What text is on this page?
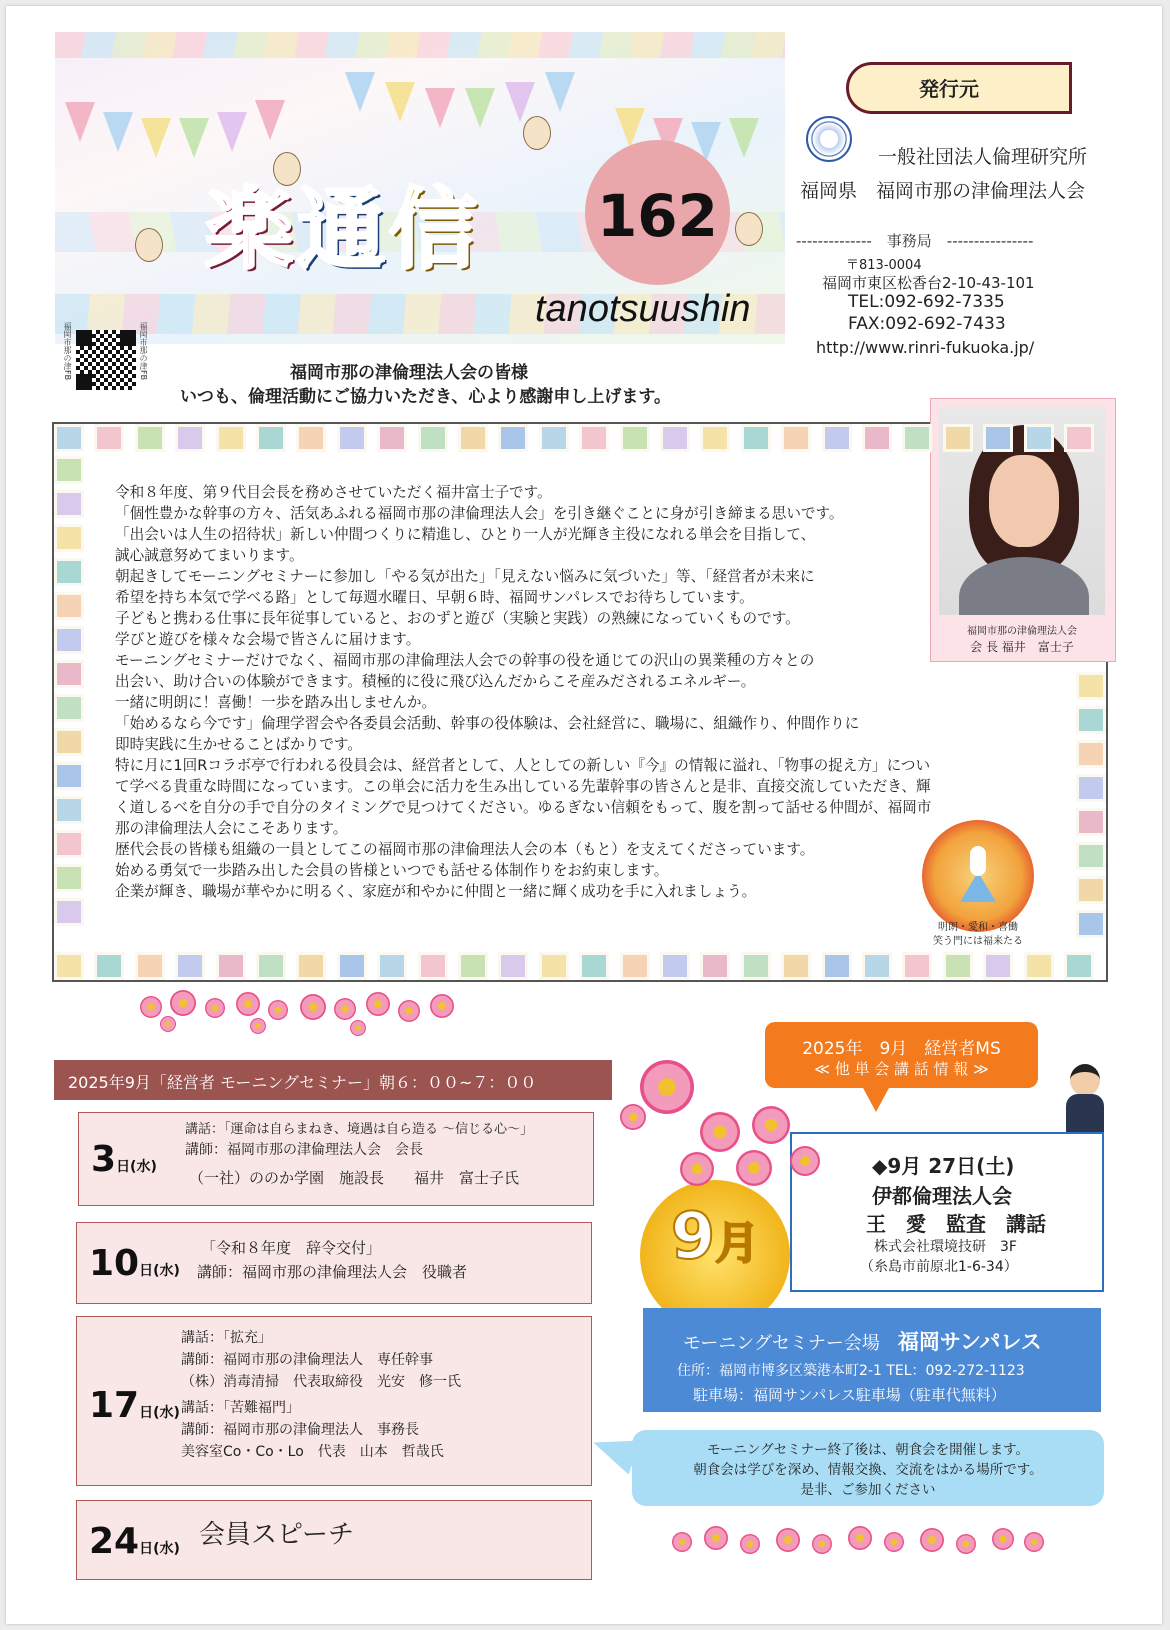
楽通信 162
tanotsuushin
福岡市那の津FB	福岡市那の津FB
発行元
一般社団法人倫理研究所
福岡県　福岡市那の津倫理法人会
--------------　事務局　----------------
〒813-0004
福岡市東区松香台2-10-43-101
TEL:092-692-7335
FAX:092-692-7433
http://www.rinri-fukuoka.jp/
福岡市那の津倫理法人会の皆様
いつも、倫理活動にご協力いただき、心より感謝申し上げます。
令和８年度、第９代目会長を務めさせていただく福井富士子です。
「個性豊かな幹事の方々、活気あふれる福岡市那の津倫理法人会」を引き継ぐことに身が引き締まる思いです。
「出会いは人生の招待状」新しい仲間つくりに精進し、ひとり一人が光輝き主役になれる単会を目指して、
誠心誠意努めてまいります。
朝起きしてモーニングセミナーに参加し「やる気が出た」「見えない悩みに気づいた」等、「経営者が未来に
希望を持ち本気で学べる路」として毎週水曜日、早朝６時、福岡サンパレスでお待ちしています。
子どもと携わる仕事に長年従事していると、おのずと遊び（実験と実践）の熟練になっていくものです。
学びと遊びを様々な会場で皆さんに届けます。
モーニングセミナーだけでなく、福岡市那の津倫理法人会での幹事の役を通じての沢山の異業種の方々との
出会い、助け合いの体験ができます。積極的に役に飛び込んだからこそ産みだされるエネルギー。
一緒に明朗に！喜働！一歩を踏み出しませんか。
「始めるなら今です」倫理学習会や各委員会活動、幹事の役体験は、会社経営に、職場に、組織作り、仲間作りに
即時実践に生かせることばかりです。
特に月に1回Rコラボ亭で行われる役員会は、経営者として、人としての新しい『今』の情報に溢れ、「物事の捉え方」につい
て学べる貴重な時間になっています。この単会に活力を生み出している先輩幹事の皆さんと是非、直接交流していただき、輝
く道しるべを自分の手で自分のタイミングで見つけてください。ゆるぎない信頼をもって、腹を割って話せる仲間が、福岡市
那の津倫理法人会にこそあります。
歴代会長の皆様も組織の一員としてこの福岡市那の津倫理法人会の本（もと）を支えてくださっています。
始める勇気で一歩踏み出した会員の皆様といつでも話せる体制作りをお約束します。
企業が輝き、職場が華やかに明るく、家庭が和やかに仲間と一緒に輝く成功を手に入れましょう。
福岡市那の津倫理法人会
会 長 福井　富士子
明朗・愛和・喜働
笑う門には福来たる
2025年9月「経営者 モーニングセミナー」朝６：００~７：００
3日(水)
講話：「運命は自らまねき、境遇は自ら造る ～信じる心～」
講師：福岡市那の津倫理法人会　会長
（一社）ののか学園　施設長　　福井　富士子氏
10日(水)
「令和８年度　辞令交付」
講師：福岡市那の津倫理法人会　役職者
17日(水)
講話：「拡充」
講師：福岡市那の津倫理法人　専任幹事
（株）消毒清掃　代表取締役　光安　修一氏
講話：「苦難福門」
講師：福岡市那の津倫理法人　事務長
美容室Co・Co・Lo　代表　山本　哲哉氏
24日(水) 会員スピーチ
2025年　9月　経営者MS
≪ 他 単 会 講 話 情 報 ≫
◆9月 27日(土)
伊都倫理法人会
王　愛　監査　講話
株式会社環境技研　3F
（糸島市前原北1-6-34）
9月
モーニングセミナー会場　 福岡サンパレス
住所：福岡市博多区築港本町2-1 TEL：092-272-1123
駐車場：福岡サンパレス駐車場（駐車代無料）
モーニングセミナー終了後は、朝食会を開催します。
朝食会は学びを深め、情報交換、交流をはかる場所です。
是非、ご参加ください
